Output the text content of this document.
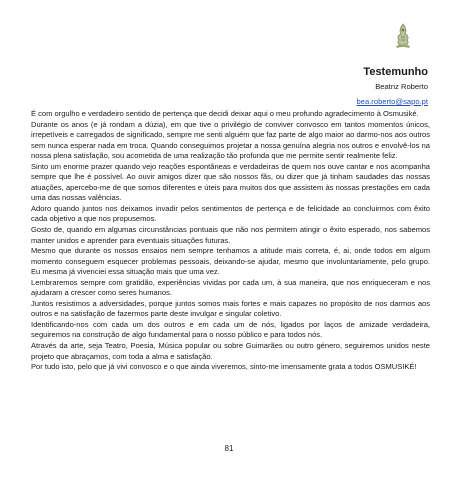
Testemunho
Beatriz Roberto
bea.roberto@sapo.pt

É com orgulho e verdadeiro sentido de pertença que decidi deixar aqui o meu profundo agradecimento à Osmusiké.

Durante os anos (e já rondam a dúzia), em que tive o privilégio de conviver convosco em tantos momentos únicos, irrepetíveis e carregados de significado, sempre me senti alguém que faz parte de algo maior ao darmo-nos aos outros sem nunca esperar nada em troca. Quando conseguimos projetar a nossa genuína alegria nos outros e envolvê-los na nossa plena satisfação, sou acometida de uma realização tão profunda que me permite sentir realmente feliz.

Sinto um enorme prazer quando vejo reações espontâneas e verdadeiras de quem nos ouve cantar e nos acompanha sempre que lhe é possível. Ao ouvir amigos dizer que são nossos fãs, ou dizer que já tinham saudades das nossas atuações, apercebo-me de que somos diferentes e úteis para muitos dos que assistem às nossas prestações em cada uma das nossas valências.

Adoro quando juntos nos deixamos invadir pelos sentimentos de pertença e de felicidade ao concluirmos com êxito cada objetivo a que nos propusemos.

Gosto de, quando em algumas circunstâncias pontuais que não nos permitem atingir o êxito esperado, nos sabemos manter unidos e aprender para eventuais situações futuras.

Mesmo que durante os nossos ensaios nem sempre tenhamos a atitude mais correta, é, ai, onde todos em algum momento conseguem esquecer problemas pessoais, deixando-se ajudar, mesmo que involuntariamente, pelo grupo. Eu mesma já vivenciei essa situação mais que uma vez.

Lembraremos sempre com gratidão, experiências vividas por cada um, à sua maneira, que nos enriqueceram e nos ajudaram a crescer como seres humanos.

Juntos resistimos a adversidades, porque juntos somos mais fortes e mais capazes no propósito de nos darmos aos outros e na satisfação de fazermos parte deste invulgar e singular coletivo.

Identificando-nos com cada um dos outros e em cada um de nós, ligados por laços de amizade verdadeira, seguiremos na construção de algo fundamental para o nosso público e para todos nós.

Através da arte, seja Teatro, Poesia, Música popular ou sobre Guimarães ou outro género, seguiremos unidos neste projeto que abraçamos, com toda a alma e satisfação.

Por tudo isto, pelo que já vivi convosco e o que ainda viveremos, sinto-me imensamente grata a todos OSMUSIKÉ!

81
